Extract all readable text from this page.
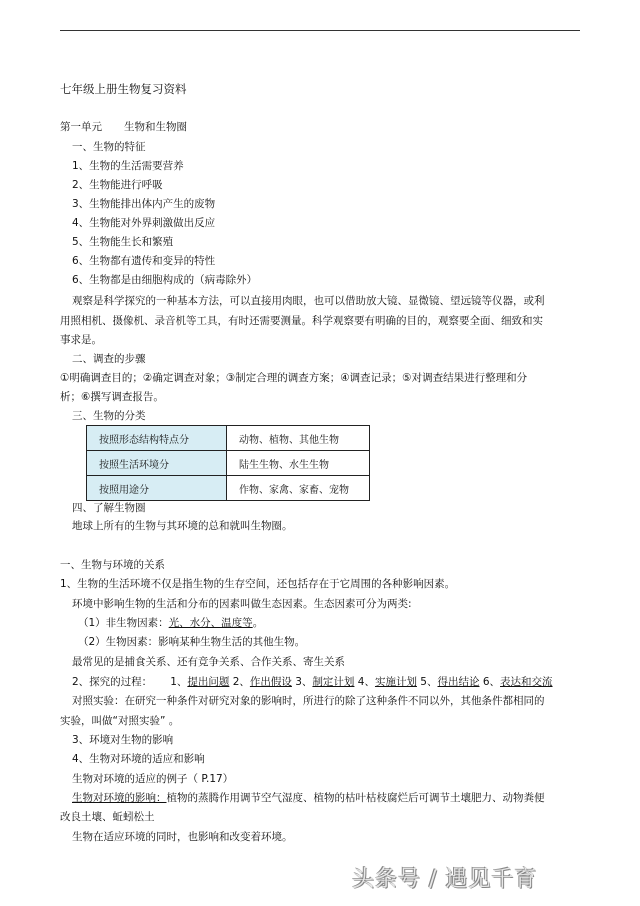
七年级上册生物复习资料
第一单元 生物和生物圈
一、生物的特征
1、生物的生活需要营养
2、生物能进行呼吸
3、生物能排出体内产生的废物
4、生物能对外界刺激做出反应
5、生物能生长和繁殖
6、生物都有遗传和变异的特性
6、生物都是由细胞构成的（病毒除外）
观察是科学探究的一种基本方法，可以直接用肉眼，也可以借助放大镜、显微镜、望远镜等仪器，或利
用照相机、摄像机、录音机等工具，有时还需要测量。科学观察要有明确的目的，观察要全面、细致和实
事求是。
二、调查的步骤
①明确调查目的；②确定调查对象；③制定合理的调查方案；④调查记录；⑤对调查结果进行整理和分
析；⑥撰写调查报告。
三、生物的分类
按照形态结构特点分	动物、植物、其他生物
按照生活环境分	陆生生物、水生生物
按照用途分	作物、家禽、家畜、宠物
四、了解生物圈
地球上所有的生物与其环境的总和就叫生物圈。
一、生物与环境的关系
1、生物的生活环境不仅是指生物的生存空间，还包括存在于它周围的各种影响因素。
环境中影响生物的生活和分布的因素叫做生态因素。生态因素可分为两类:
（1）非生物因素：光、水分、温度等。
（2）生物因素：影响某种生物生活的其他生物。
最常见的是捕食关系、还有竞争关系、合作关系、寄生关系
2、探究的过程： 1、提出问题 2、作出假设 3、制定计划 4、实施计划 5、得出结论 6、表达和交流
对照实验：在研究一种条件对研究对象的影响时，所进行的除了这种条件不同以外，其他条件都相同的
实验，叫做“对照实验” 。
3、环境对生物的影响
4、生物对环境的适应和影响
生物对环境的适应的例子（ P.17）
生物对环境的影响：植物的蒸腾作用调节空气湿度、植物的枯叶枯枝腐烂后可调节土壤肥力、动物粪便
改良土壤、蚯蚓松土
生物在适应环境的同时，也影响和改变着环境。
头条号 / 遇见千育
